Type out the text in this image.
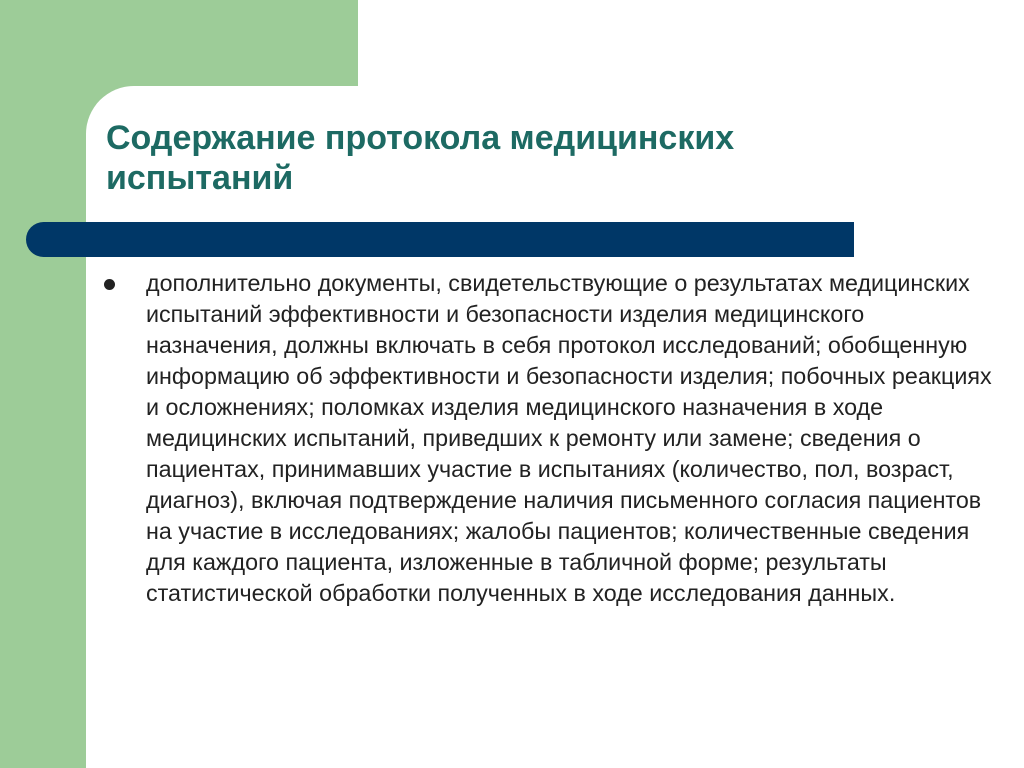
Содержание протокола медицинских испытаний
дополнительно документы, свидетельствующие о результатах медицинских испытаний эффективности и безопасности изделия медицинского назначения, должны включать в себя протокол исследований; обобщенную информацию об эффективности и безопасности изделия; побочных реакциях и осложнениях; поломках изделия медицинского назначения в ходе медицинских испытаний, приведших к ремонту или замене; сведения о пациентах, принимавших участие в испытаниях (количество, пол, возраст, диагноз), включая подтверждение наличия письменного согласия пациентов на участие в исследованиях; жалобы пациентов; количественные сведения для каждого пациента, изложенные в табличной форме; результаты статистической обработки полученных в ходе исследования данных.
